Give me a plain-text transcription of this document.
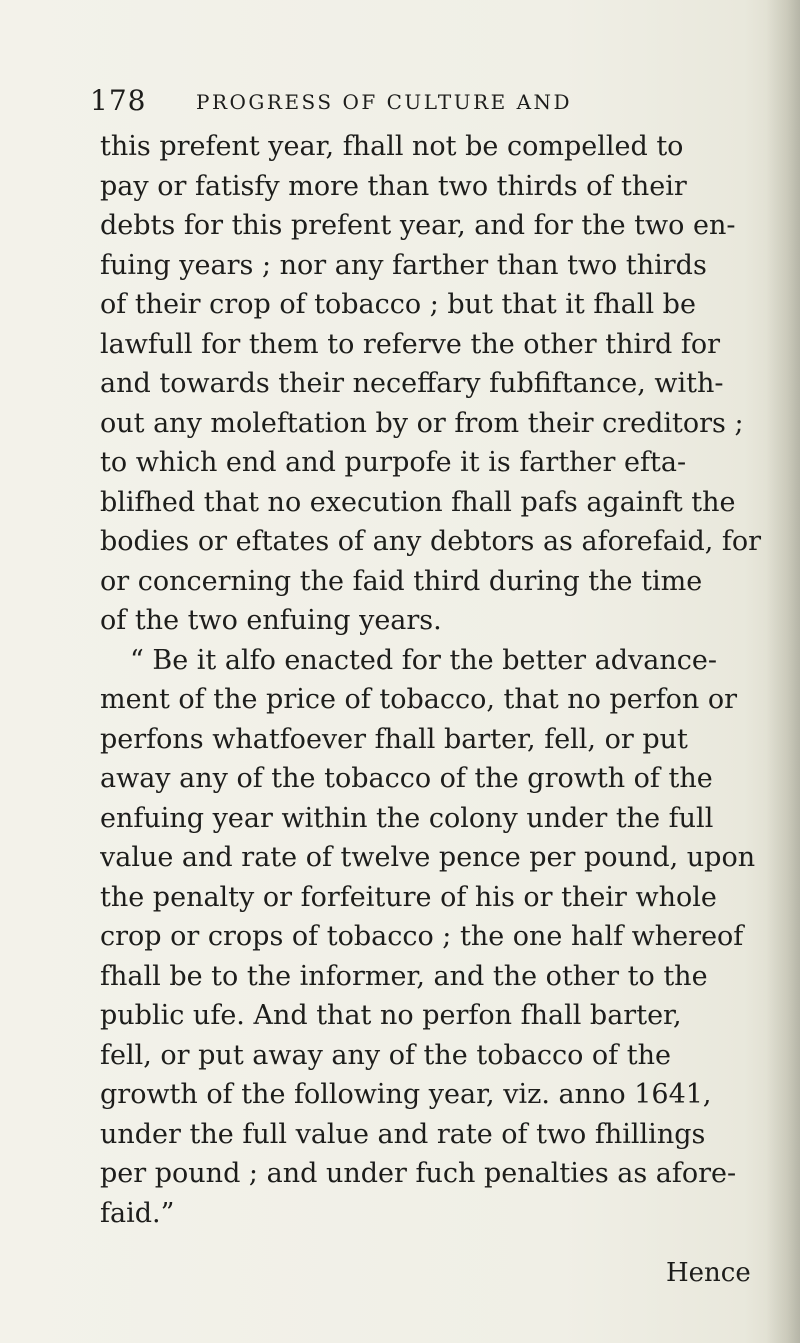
178 PROGRESS OF CULTURE AND
this prefent year, fhall not be compelled to
pay or fatisfy more than two thirds of their
debts for this prefent year, and for the two en-
fuing years ; nor any farther than two thirds
of their crop of tobacco ; but that it fhall be
lawfull for them to referve the other third for
and towards their neceffary fubfiftance, with-
out any moleftation by or from their creditors ;
to which end and purpofe it is farther efta-
blifhed that no execution fhall pafs againft the
bodies or eftates of any debtors as aforefaid, for
or concerning the faid third during the time
of the two enfuing years.
“ Be it alfo enacted for the better advance-
ment of the price of tobacco, that no perfon or
perfons whatfoever fhall barter, fell, or put
away any of the tobacco of the growth of the
enfuing year within the colony under the full
value and rate of twelve pence per pound, upon
the penalty or forfeiture of his or their whole
crop or crops of tobacco ; the one half whereof
fhall be to the informer, and the other to the
public ufe. And that no perfon fhall barter,
fell, or put away any of the tobacco of the
growth of the following year, viz. anno 1641,
under the full value and rate of two fhillings
per pound ; and under fuch penalties as afore-
faid.”
Hence
